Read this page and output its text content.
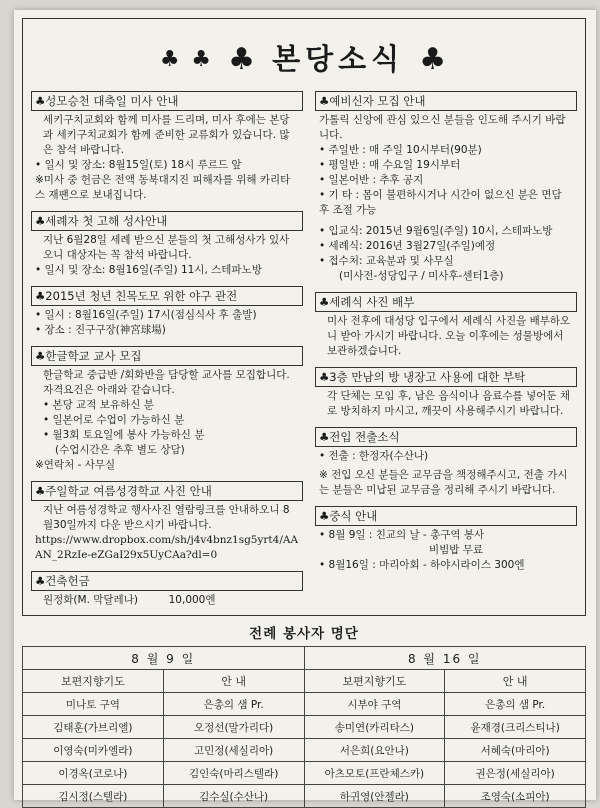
♣ ♣ ♣ 본당소식 ♣
♣성모승천 대축일 미사 안내

세키구치교회와 함께 미사를 드리며, 미사 후에는 본당과 세키구치교회가 함께 준비한 교류회가 있습니다. 많은 참석 바랍니다.

• 일시 및 장소: 8월15일(토) 18시 루르드 앞

※미사 중 헌금은 전액 동북대지진 피해자를 위해 카리타스 재팬으로 보내집니다.

♣세례자 첫 고해 성사안내

지난 6월28일 세례 받으신 분들의 첫 고해성사가 있사오니 대상자는 꼭 참석 바랍니다.

• 일시 및 장소: 8월16일(주일) 11시, 스테파노방

♣2015년 청년 친목도모 위한 야구 관전

• 일시 : 8월16일(주일) 17시(점심식사 후 출발)

• 장소 : 진구구장(神宮球場)

♣한글학교 교사 모집

한글학교 중급반 /회화반을 담당할 교사를 모집합니다. 자격요건은 아래와 같습니다.

• 본당 교적 보유하신 분

• 일본어로 수업이 가능하신 분

• 월3회 토요일에 봉사 가능하신 분

(수업시간은 추후 별도 상담)

※연락처 - 사무실

♣주일학교 여름성경학교 사진 안내

지난 여름성경학교 행사사진 열람링크를 안내하오니 8월30일까지 다운 받으시기 바랍니다.

https://www.dropbox.com/sh/j4v4bnz1sg5yrt4/AAAN_2RzIe-eZGaI29x5UyCAa?dl=0

♣건축헌금

원정화(M. 막달레나)	10,000엔

♣예비신자 모집 안내

가톨릭 신앙에 관심 있으신 분들을 인도해 주시기 바랍니다.

• 주일반 : 매 주일 10시부터(90분)

• 평일반 : 매 수요일 19시부터

• 일본어반 : 추후 공지

• 기 타 : 몸이 불편하시거나 시간이 없으신 분은 면담 후 조절 가능

• 입교식: 2015년 9월6일(주일) 10시, 스테파노방

• 세례식: 2016년 3월27일(주일)예정

• 접수처: 교육분과 및 사무실

(미사전-성당입구 / 미사후-센터1층)

♣세례식 사진 배부

미사 전후에 대성당 입구에서 세례식 사진을 배부하오니 받아 가시기 바랍니다. 오늘 이후에는 성물방에서 보관하겠습니다.

♣3층 만남의 방 냉장고 사용에 대한 부탁

각 단체는 모임 후, 남은 음식이나 음료수를 넣어둔 채로 방치하지 마시고, 깨끗이 사용해주시기 바랍니다.

♣전입 전출소식

• 전출 : 한정자(수산나)

※ 전입 오신 분들은 교무금을 책정해주시고, 전출 가시는 분들은 미납된 교무금을 정리해 주시기 바랍니다.

♣중식 안내

• 8월 9일 : 친교의 날 - 총구역 봉사

비빔밥 무료

• 8월16일 : 마리아회 - 하야시라이스 300엔

전례 봉사자 명단
8 월 9 일		8 월 16 일	
보편지향기도	안 내	보편지향기도	안 내
미나토 구역	은총의 샘 Pr.	시부야 구역	은총의 샘 Pr.
김태훈(가브리엘)	오정선(말가리다)	송미연(카리타스)	윤재경(크리스티나)
이영숙(미카엘라)	고민정(세실리아)	서은희(요안나)	서혜숙(마리아)
이경옥(코로나)	김인숙(마리스텔라)	아츠모토(프란체스카)	권은정(세실리아)
김시정(스텔라)	김수실(수산나)	하귀영(안젤라)	조영숙(소피아)
